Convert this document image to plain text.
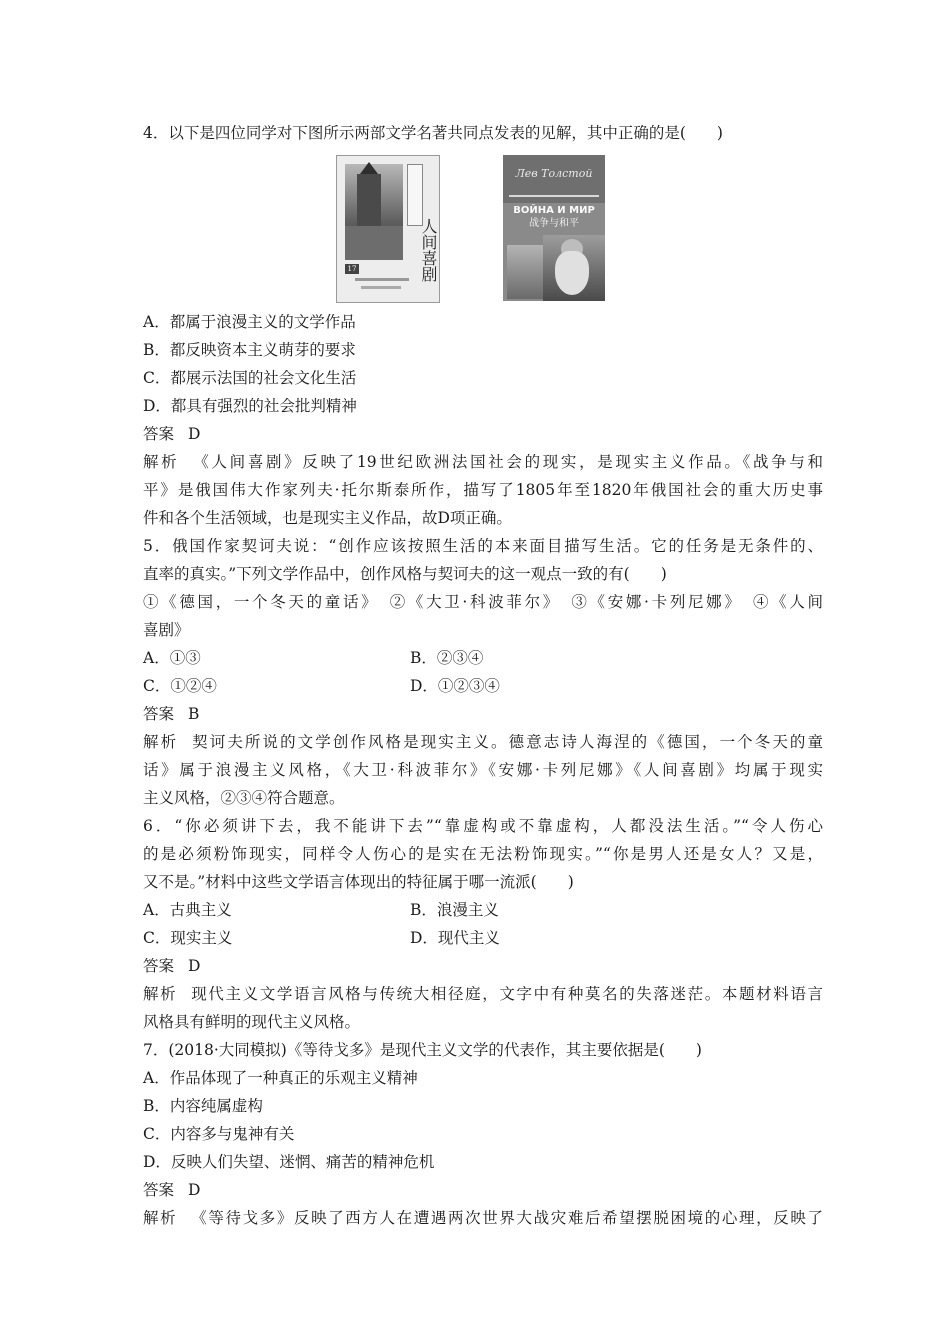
4．以下是四位同学对下图所示两部文学名著共同点发表的见解，其中正确的是(　　)
17	人间喜剧
Лев Толстой
ВОЙНА И МИР
战争与和平
A．都属于浪漫主义的文学作品
B．都反映资本主义萌芽的要求
C．都展示法国的社会文化生活
D．都具有强烈的社会批判精神
答案 D
解析 《人间喜剧》反映了19世纪欧洲法国社会的现实，是现实主义作品。《战争与和
平》是俄国伟大作家列夫·托尔斯泰所作，描写了1805年至1820年俄国社会的重大历史事
件和各个生活领域，也是现实主义作品，故D项正确。
5．俄国作家契诃夫说：“创作应该按照生活的本来面目描写生活。它的任务是无条件的、
直率的真实。”下列文学作品中，创作风格与契诃夫的这一观点一致的有(　　)
①《德国，一个冬天的童话》　②《大卫·科波菲尔》　③《安娜·卡列尼娜》　④《人间
喜剧》
A．①③	B．②③④
C．①②④	D．①②③④
答案 B
解析 契诃夫所说的文学创作风格是现实主义。德意志诗人海涅的《德国，一个冬天的童
话》属于浪漫主义风格，《大卫·科波菲尔》《安娜·卡列尼娜》《人间喜剧》均属于现实
主义风格，②③④符合题意。
6．“你必须讲下去，我不能讲下去”“靠虚构或不靠虚构，人都没法生活。”“令人伤心
的是必须粉饰现实，同样令人伤心的是实在无法粉饰现实。”“你是男人还是女人？又是，
又不是。”材料中这些文学语言体现出的特征属于哪一流派(　　)
A．古典主义	B．浪漫主义
C．现实主义	D．现代主义
答案 D
解析 现代主义文学语言风格与传统大相径庭，文字中有种莫名的失落迷茫。本题材料语言
风格具有鲜明的现代主义风格。
7．(2018·大同模拟)《等待戈多》是现代主义文学的代表作，其主要依据是(　　)
A．作品体现了一种真正的乐观主义精神
B．内容纯属虚构
C．内容多与鬼神有关
D．反映人们失望、迷惘、痛苦的精神危机
答案 D
解析 《等待戈多》反映了西方人在遭遇两次世界大战灾难后希望摆脱困境的心理，反映了
